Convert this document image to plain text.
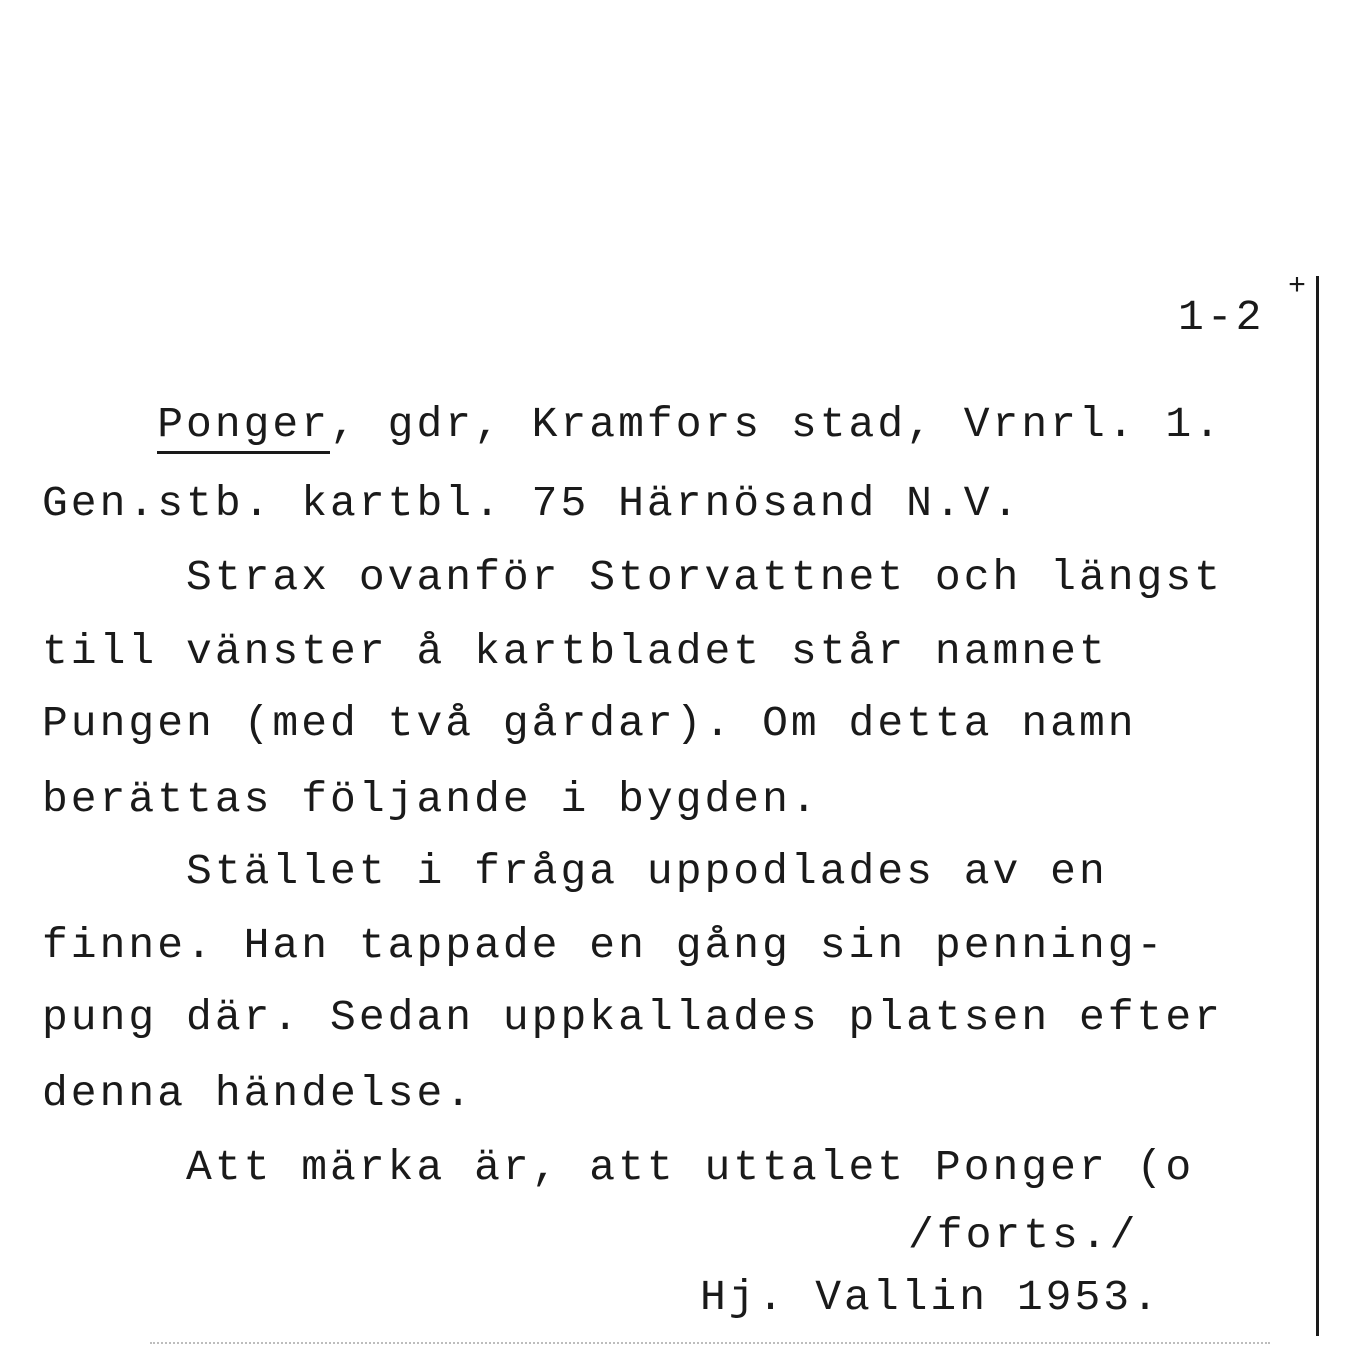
1-2
+

Ponger, gdr, Kramfors stad, Vrnrl. 1.

Gen.stb. kartbl. 75 Härnösand N.V.
Strax ovanför Storvattnet och längst
till vänster å kartbladet står namnet
Pungen (med två gårdar). Om detta namn
berättas följande i bygden.
Stället i fråga uppodlades av en
finne. Han tappade en gång sin penning-
pung där. Sedan uppkallades platsen efter
denna händelse.
Att märka är, att uttalet Ponger (o
/forts./
Hj. Vallin 1953.
